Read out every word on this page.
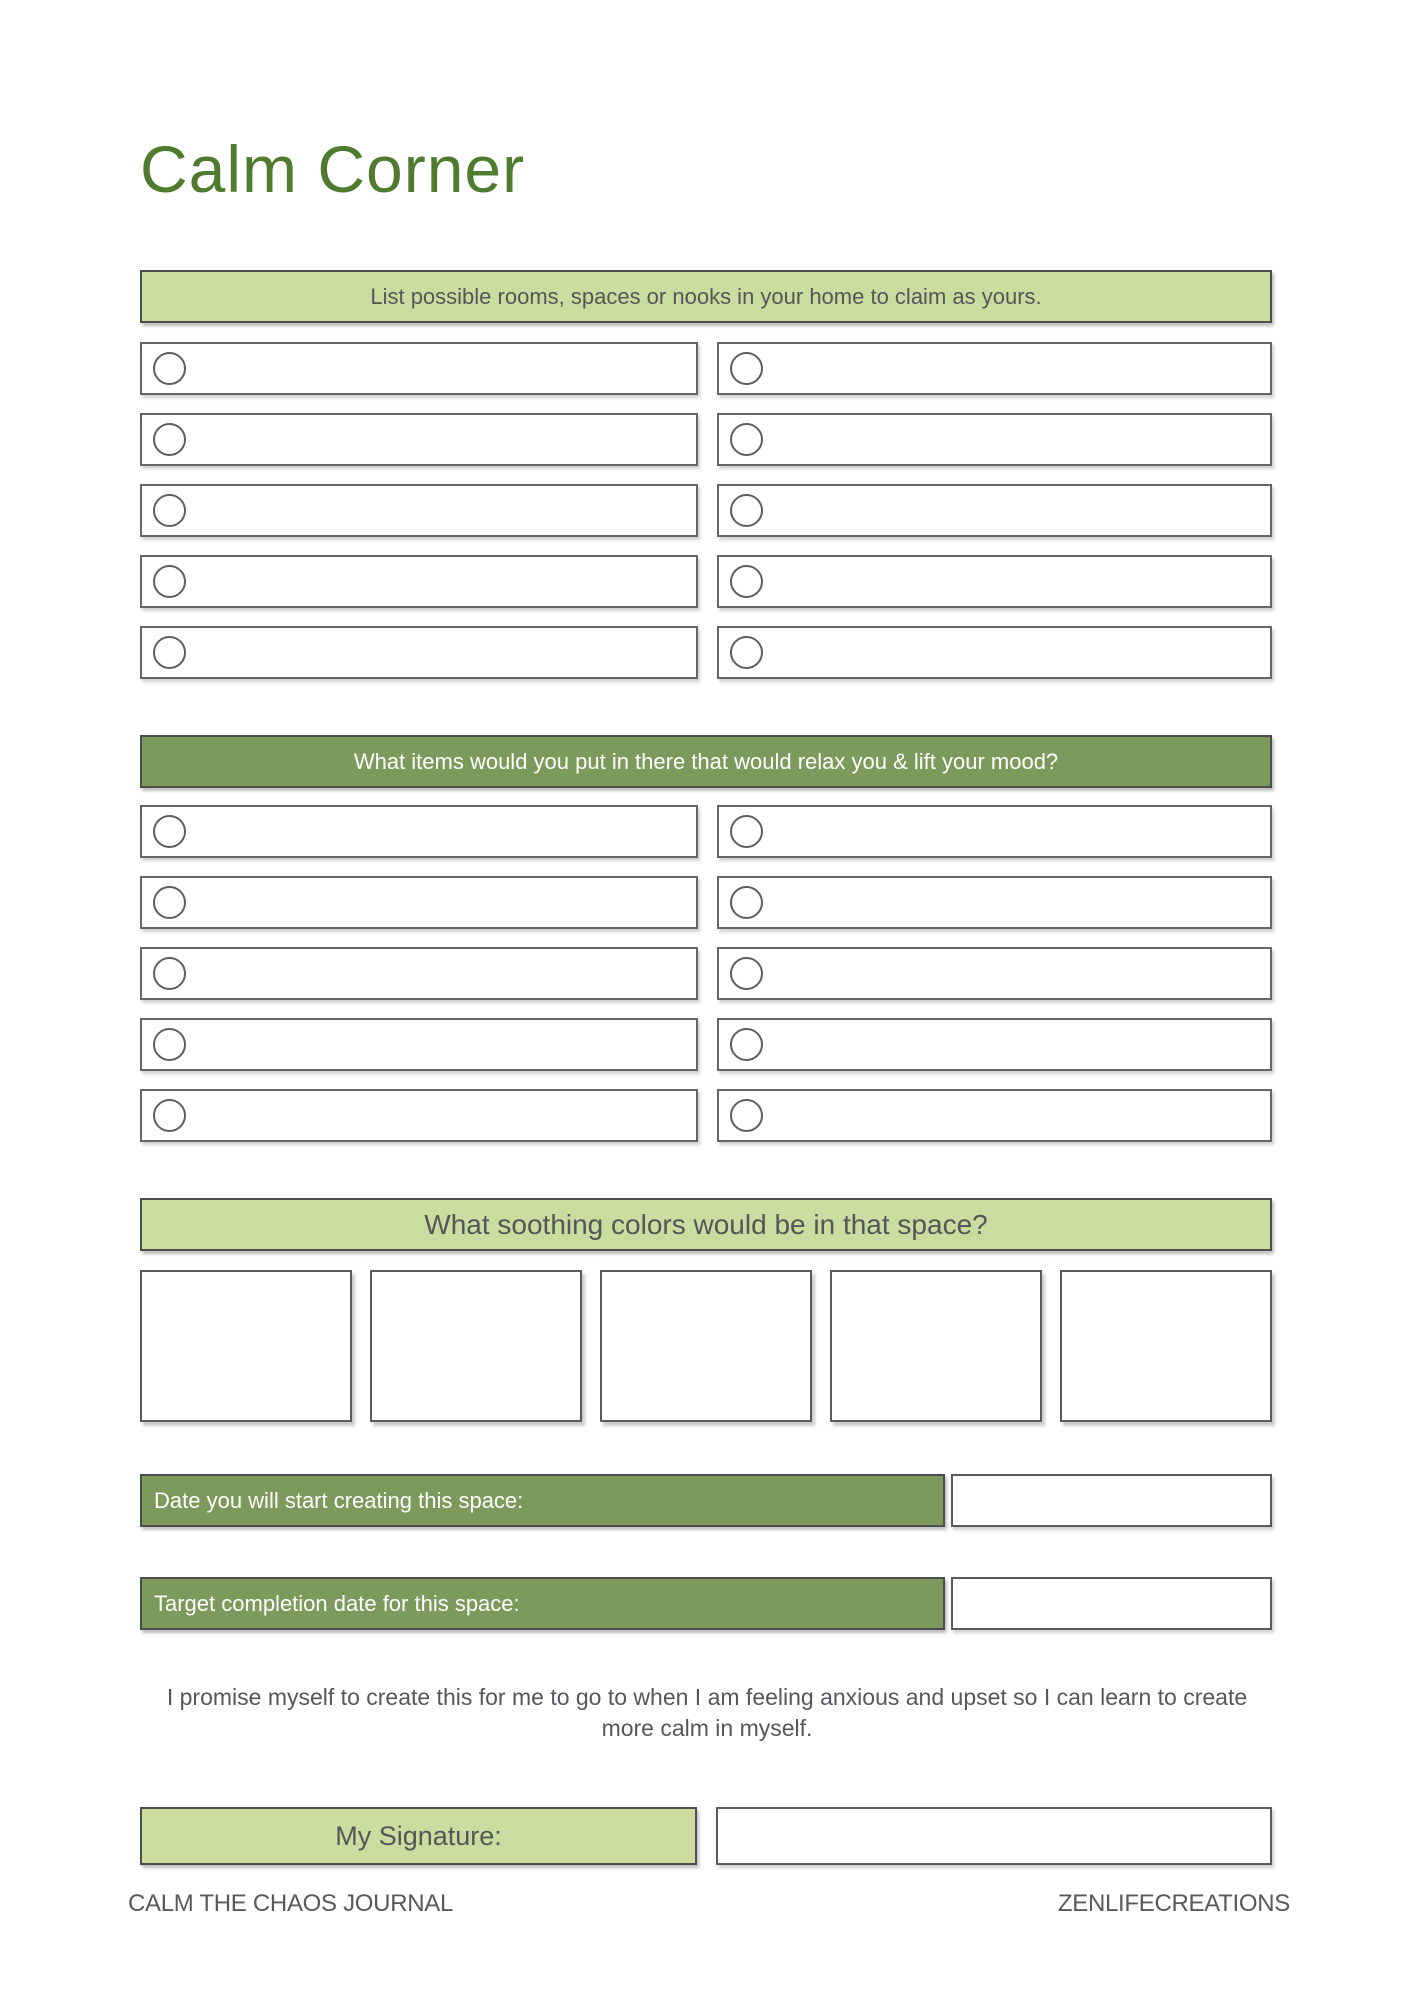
Calm Corner
List possible rooms, spaces or nooks in your home to claim as yours.
What items would you put in there that would relax you & lift your mood?
What soothing colors would be in that space?
Date you will start creating this space:
Target completion date for this space:
I promise myself to create this for me to go to when I am feeling anxious and upset so I can learn to create more calm in myself.
My Signature:
CALM THE CHAOS JOURNAL	ZENLIFECREATIONS
